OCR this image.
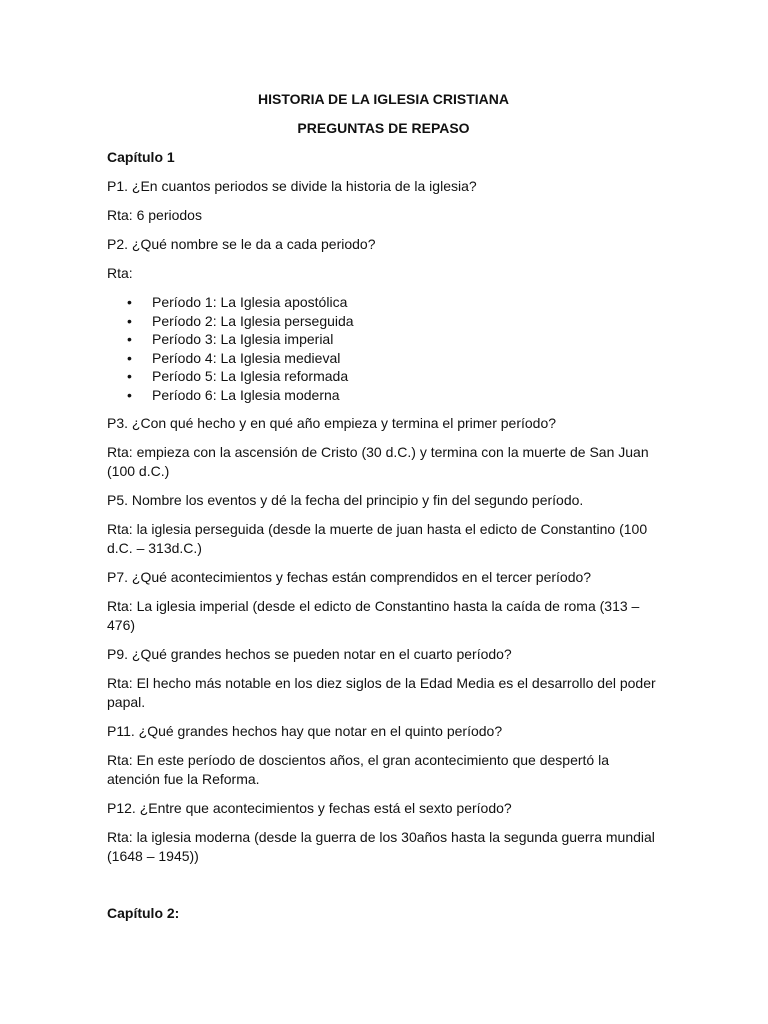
HISTORIA DE LA IGLESIA CRISTIANA

PREGUNTAS DE REPASO

Capítulo 1

P1. ¿En cuantos periodos se divide la historia de la iglesia?

Rta: 6 periodos

P2. ¿Qué nombre se le da a cada periodo?

Rta:

• Período 1: La Iglesia apostólica
• Período 2: La Iglesia perseguida
• Período 3: La Iglesia imperial
• Período 4: La Iglesia medieval
• Período 5: La Iglesia reformada
• Período 6: La Iglesia moderna

P3. ¿Con qué hecho y en qué año empieza y termina el primer período?

Rta: empieza con la ascensión de Cristo (30 d.C.) y termina con la muerte de San Juan (100 d.C.)

P5. Nombre los eventos y dé la fecha del principio y fin del segundo período.

Rta: la iglesia perseguida (desde la muerte de juan hasta el edicto de Constantino (100 d.C. – 313d.C.)

P7. ¿Qué acontecimientos y fechas están comprendidos en el tercer período?

Rta: La iglesia imperial (desde el edicto de Constantino hasta la caída de roma (313 – 476)

P9. ¿Qué grandes hechos se pueden notar en el cuarto período?

Rta: El hecho más notable en los diez siglos de la Edad Media es el desarrollo del poder papal.

P11. ¿Qué grandes hechos hay que notar en el quinto período?

Rta: En este período de doscientos años, el gran acontecimiento que despertó la atención fue la Reforma.

P12. ¿Entre que acontecimientos y fechas está el sexto período?

Rta: la iglesia moderna (desde la guerra de los 30años hasta la segunda guerra mundial (1648 – 1945))

Capítulo 2:
